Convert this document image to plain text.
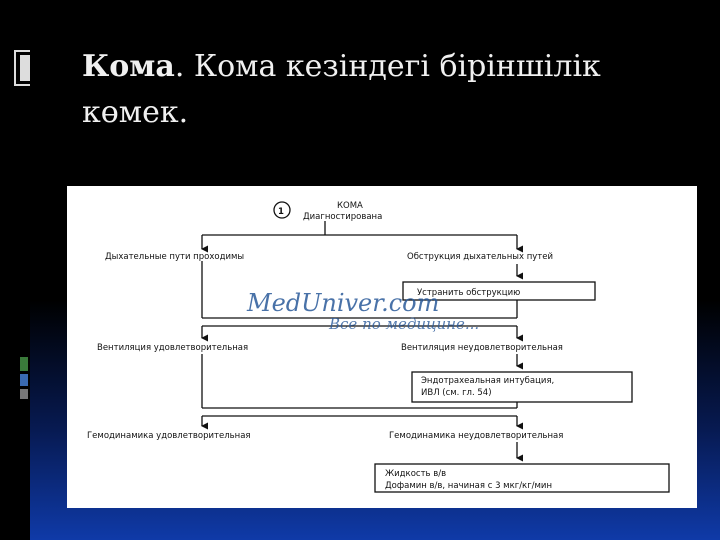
Кома. Кома кезіндегі біріншілік көмек.
MedUniver.com
Все по медицине...
1
КОМА
Диагностирована
Дыхательные пути проходимы	Обструкция дыхательных путей
Устранить обструкцию
Вентиляция удовлетворительная	Вентиляция неудовлетворительная
Эндотрахеальная интубация,
ИВЛ (см. гл. 54)
Гемодинамика удовлетворительная	Гемодинамика неудовлетворительная
Жидкость в/в
Дофамин в/в, начиная с 3 мкг/кг/мин
